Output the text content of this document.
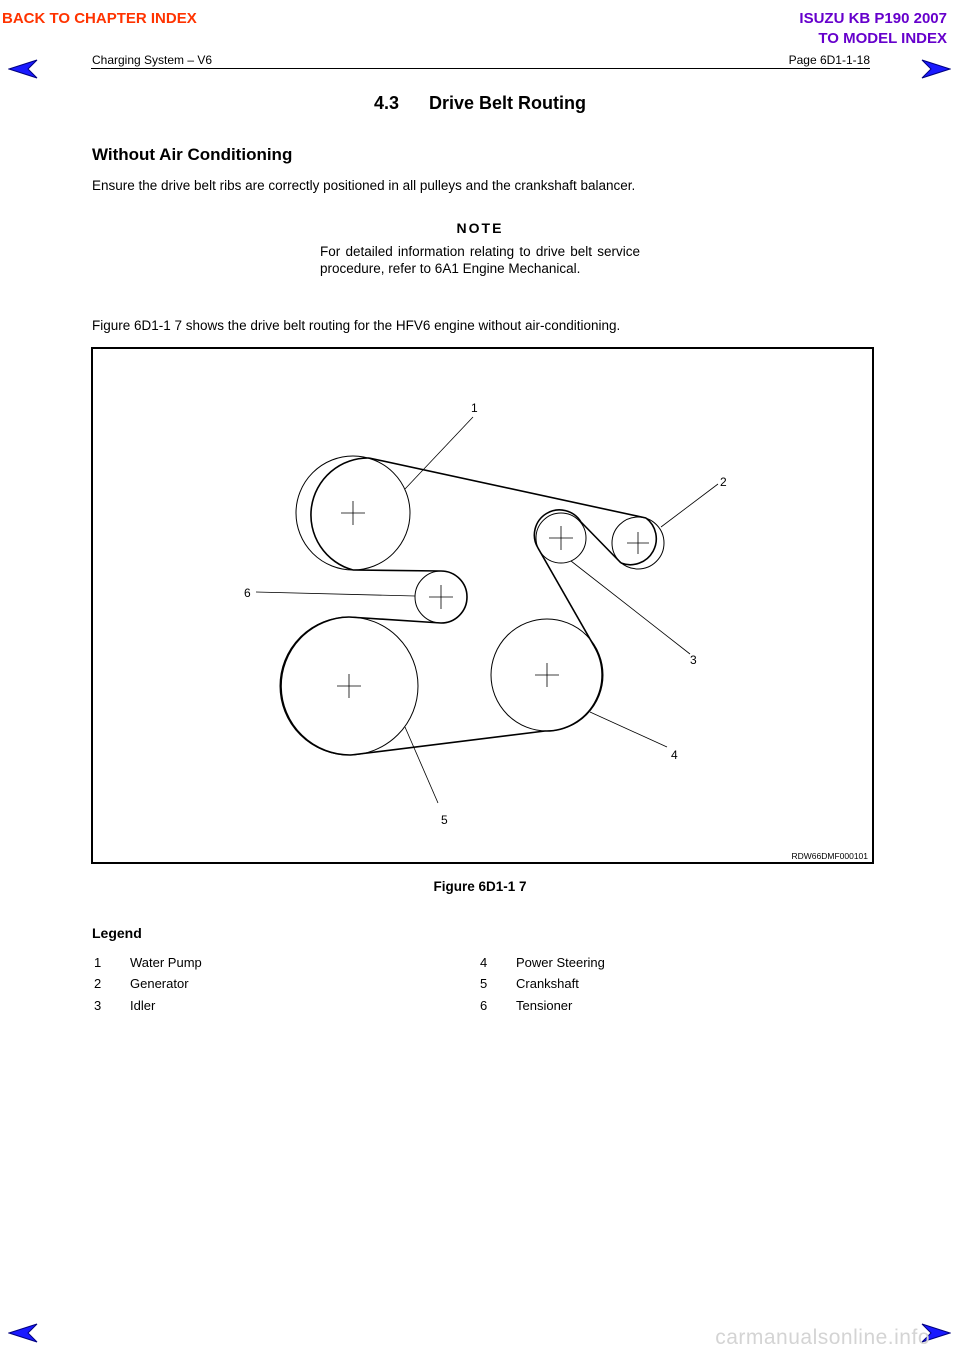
BACK TO CHAPTER INDEX	ISUZU KB P190 2007
TO MODEL INDEX
Charging System – V6	Page 6D1-1-18
4.3      Drive Belt Routing
Without Air Conditioning
Ensure the drive belt ribs are correctly positioned in all pulleys and the crankshaft balancer.
NOTE
For detailed information relating to drive belt service procedure, refer to 6A1 Engine Mechanical.
Figure 6D1-1 7 shows the drive belt routing for the HFV6 engine without air-conditioning.
1
2
3
4
5
6
RDW66DMF000101
Figure 6D1-1 7
Legend
1 Water Pump
2 Generator
3 Idler
4 Power Steering
5 Crankshaft
6 Tensioner
carmanualsonline.info
